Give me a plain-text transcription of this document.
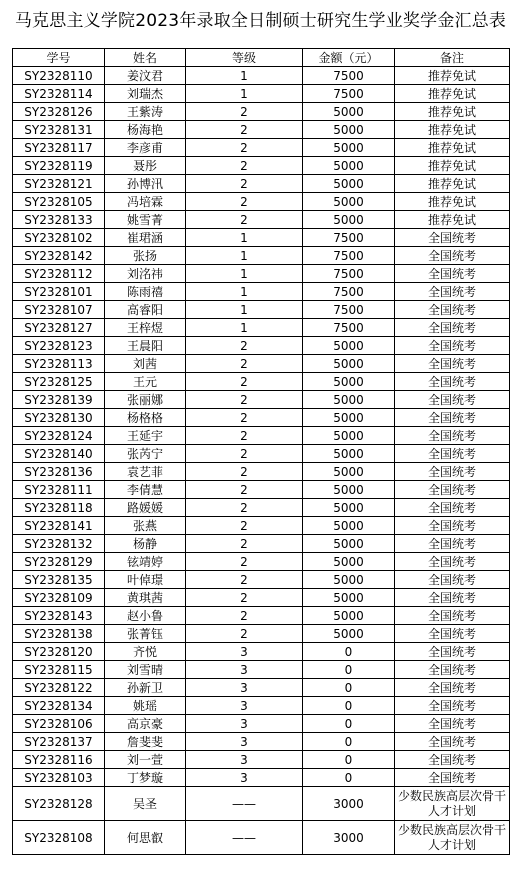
马克思主义学院2023年录取全日制硕士研究生学业奖学金汇总表
学号	姓名	等级	金额（元）	备注
SY2328110	姜汶君	1	7500	推荐免试
SY2328114	刘瑞杰	1	7500	推荐免试
SY2328126	王紫涛	2	5000	推荐免试
SY2328131	杨海艳	2	5000	推荐免试
SY2328117	李彦甫	2	5000	推荐免试
SY2328119	聂彤	2	5000	推荐免试
SY2328121	孙博汛	2	5000	推荐免试
SY2328105	冯培霖	2	5000	推荐免试
SY2328133	姚雪菁	2	5000	推荐免试
SY2328102	崔珺涵	1	7500	全国统考
SY2328142	张扬	1	7500	全国统考
SY2328112	刘洺祎	1	7500	全国统考
SY2328101	陈雨禧	1	7500	全国统考
SY2328107	高睿阳	1	7500	全国统考
SY2328127	王梓煜	1	7500	全国统考
SY2328123	王晨阳	2	5000	全国统考
SY2328113	刘茜	2	5000	全国统考
SY2328125	王元	2	5000	全国统考
SY2328139	张丽娜	2	5000	全国统考
SY2328130	杨格格	2	5000	全国统考
SY2328124	王延宇	2	5000	全国统考
SY2328140	张芮宁	2	5000	全国统考
SY2328136	袁艺菲	2	5000	全国统考
SY2328111	李倩慧	2	5000	全国统考
SY2328118	路媛媛	2	5000	全国统考
SY2328141	张燕	2	5000	全国统考
SY2328132	杨静	2	5000	全国统考
SY2328129	铉靖婷	2	5000	全国统考
SY2328135	叶倬璟	2	5000	全国统考
SY2328109	黄琪茜	2	5000	全国统考
SY2328143	赵小鲁	2	5000	全国统考
SY2328138	张菁钰	2	5000	全国统考
SY2328120	齐悦	3	0	全国统考
SY2328115	刘雪晴	3	0	全国统考
SY2328122	孙新卫	3	0	全国统考
SY2328134	姚瑶	3	0	全国统考
SY2328106	高京豪	3	0	全国统考
SY2328137	詹斐斐	3	0	全国统考
SY2328116	刘一萱	3	0	全国统考
SY2328103	丁梦璇	3	0	全国统考
SY2328128	吴圣	——	3000	少数民族高层次骨干人才计划
SY2328108	何思叡	——	3000	少数民族高层次骨干人才计划
